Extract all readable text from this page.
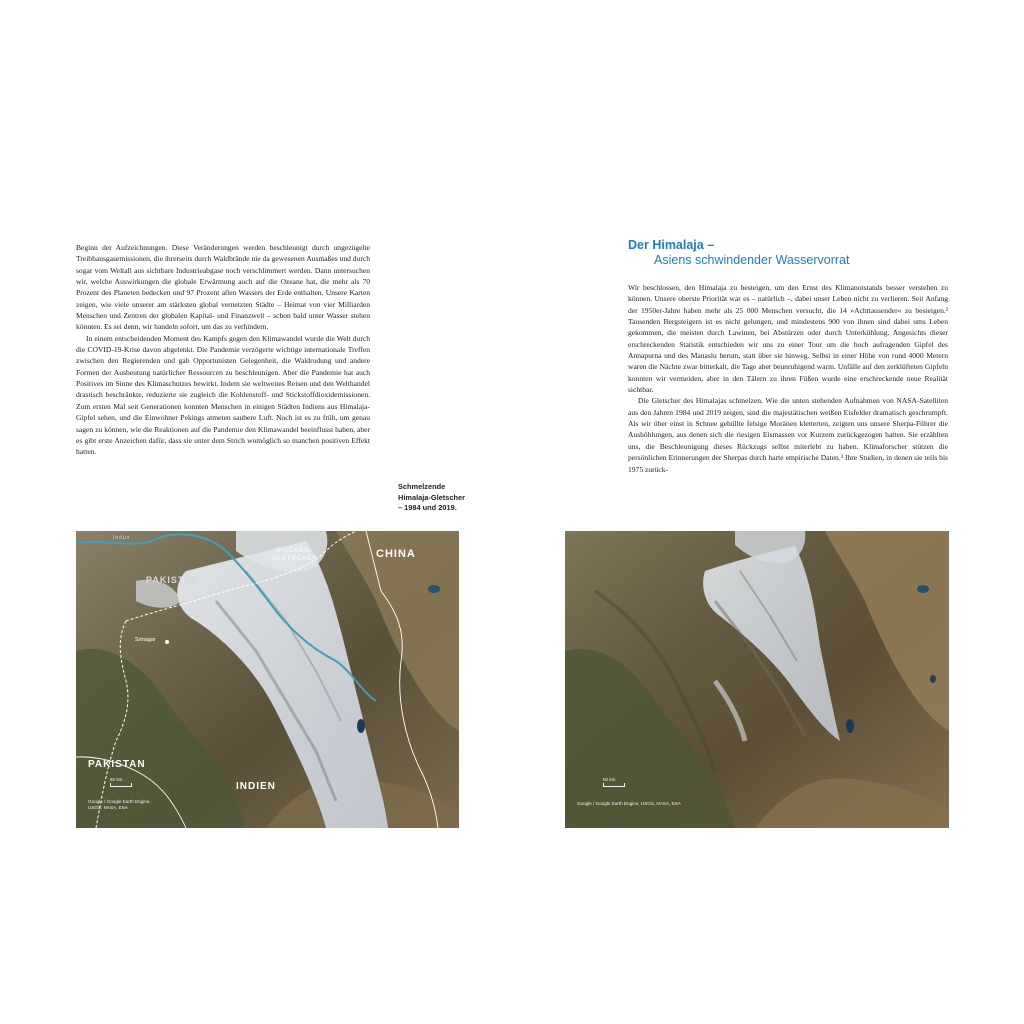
Beginn der Aufzeichnungen. Diese Veränderungen werden beschleunigt durch ungezügelte Treibhausgasemissionen, die ihrerseits durch Waldbrände nie da gewesenen Ausmaßes und durch sogar vom Weltall aus sichtbare Industrieabgase noch verschlimmert werden. Dann untersuchen wir, welche Auswirkungen die globale Erwärmung auch auf die Ozeane hat, die mehr als 70 Prozent des Planeten bedecken und 97 Prozent allen Wassers der Erde enthalten. Unsere Karten zeigen, wie viele unserer am stärksten global vernetzten Städte – Heimat von vier Milliarden Menschen und Zentren der globalen Kapital- und Finanzwelt – schon bald unter Wasser stehen könnten. Es sei denn, wir handeln sofort, um das zu verhindern.

In einem entscheidenden Moment des Kampfs gegen den Klimawandel wurde die Welt durch die COVID-19-Krise davon abgelenkt. Die Pandemie verzögerte wichtige internationale Treffen zwischen den Regierenden und gab Opportunisten Gelegenheit, die Waldrodung und andere Formen der Ausbeutung natürlicher Ressourcen zu beschleunigen. Aber die Pandemie hat auch Positives im Sinne des Klimaschutzes bewirkt. Indem sie weltweites Reisen und den Welthandel drastisch beschränkte, reduzierte sie zugleich die Kohlenstoff- und Stickstoffdioxidemissionen. Zum ersten Mal seit Generationen konnten Menschen in einigen Städten Indiens aus Himalaja-Gipfel sehen, und die Einwohner Pekings atmeten saubere Luft. Noch ist es zu früh, um genau sagen zu können, wie die Reaktionen auf die Pandemie den Klimawandel beeinflusst haben, aber es gibt erste Anzeichen dafür, dass sie unter dem Strich womöglich so manchen positiven Effekt hatten.

Schmelzende Himalaja-Gletscher – 1984 und 2019.
Der Himalaja –
Asiens schwindender Wasservorrat

Wir beschlossen, den Himalaja zu besteigen, um den Ernst des Klimanotstands besser verstehen zu können. Unsere oberste Priorität war es – natürlich –, dabei unser Leben nicht zu verlieren. Seit Anfang der 1950er-Jahre haben mehr als 25 000 Menschen versucht, die 14 »Achttausender« zu besteigen.² Tausenden Bergsteigern ist es nicht gelungen, und mindestens 900 von ihnen sind dabei ums Leben gekommen, die meisten durch Lawinen, bei Abstürzen oder durch Unterkühlung. Angesichts dieser erschreckenden Statistik entschieden wir uns zu einer Tour um die hoch aufragenden Gipfel des Annapurna und des Manaslu herum, statt über sie hinweg. Selbst in einer Höhe von rund 4000 Metern waren die Nächte zwar bitterkalt, die Tage aber beunruhigend warm. Unfälle auf den zerklüfteten Gipfeln konnten wir vermeiden, aber in den Tälern zu ihren Füßen wurde eine erschreckende neue Realität sichtbar.

Die Gletscher des Himalajas schmelzen. Wie die unten stehenden Aufnahmen von NASA-Satelliten aus den Jahren 1984 und 2019 zeigen, sind die majestätischen weißen Eisfelder dramatisch geschrumpft. Als wir über einst in Schnee gehüllte felsige Moränen kletterten, zeigten uns unsere Sherpa-Führer die Aushöhlungen, aus denen sich die riesigen Eismassen vor Kurzem zurückgezogen hatten. Sie erzählten uns, die Beschleunigung dieses Rückzugs selbst miterlebt zu haben. Klimaforscher stützen die persönlichen Erinnerungen der Sherpas durch harte empirische Daten.³ Ihre Studien, in denen sie teils bis 1975 zurück-

CHINA
PAKISTAN
SIACHEN-
GLETSCHER
Indus
Srinagar
PAKISTAN
INDIEN
50 km
Google / Google Earth Engine,
USGS, NASA, ESA
50 km
Google / Google Earth Engine, USGS, NASA, ESA
